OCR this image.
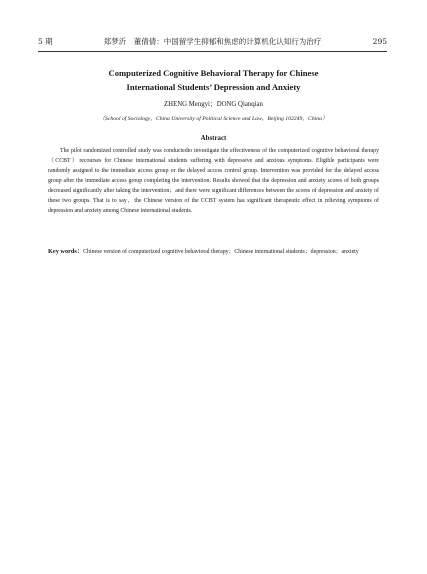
5 期	郑梦沂　董倩倩：中国留学生抑郁和焦虑的计算机化认知行为治疗	295
Computerized Cognitive Behavioral Therapy for Chinese
International Students’ Depression and Anxiety
ZHENG Mengyi；DONG Qianqian
（School of Sociology，China University of Political Science and Law，Beijing 102249，China）
Abstract

The pilot randomized controlled study was conductedto investigate the effectiveness of the computerized cognitive behavioral therapy（CCBT）recourses for Chinese international students suffering with depressive and anxious symptoms. Eligible participants were randomly assigned to the immediate access group or the delayed access control group. Intervention was provided for the delayed access group after the immediate access group completing the intervention. Results showed that the depression and anxiety scores of both groups decreased significantly after taking the intervention；and there were significant differences between the scores of depression and anxiety of these two groups. That is to say，the Chinese version of the CCBT system has significant therapeutic effect in relieving symptoms of depression and anxiety among Chinese international students.

Key words：Chinese version of computerized cognitive behavioral therapy；Chinese international students；depression；anxiety
